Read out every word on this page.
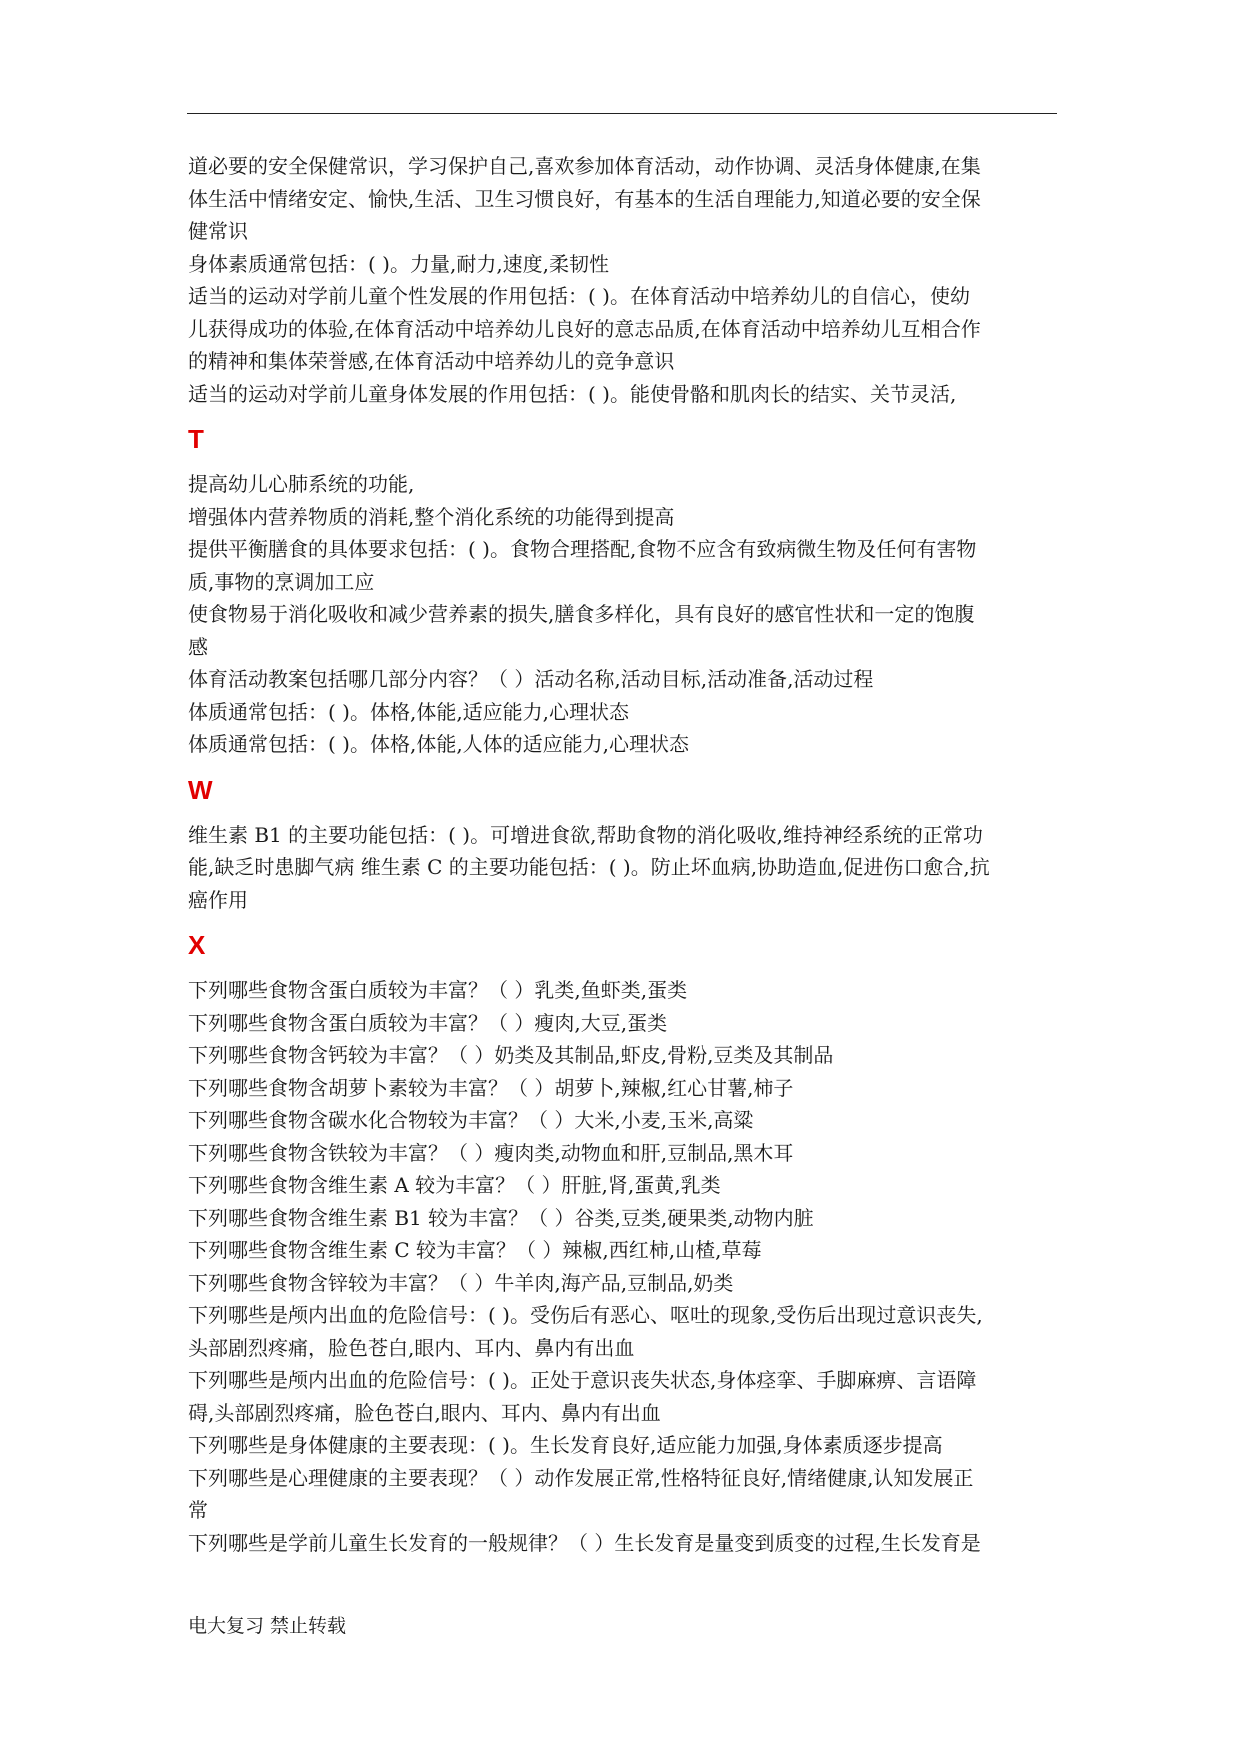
道必要的安全保健常识，学习保护自己,喜欢参加体育活动，动作协调、灵活身体健康,在集
体生活中情绪安定、愉快,生活、卫生习惯良好，有基本的生活自理能力,知道必要的安全保
健常识
身体素质通常包括：( )。力量,耐力,速度,柔韧性
适当的运动对学前儿童个性发展的作用包括：( )。在体育活动中培养幼儿的自信心，使幼
儿获得成功的体验,在体育活动中培养幼儿良好的意志品质,在体育活动中培养幼儿互相合作
的精神和集体荣誉感,在体育活动中培养幼儿的竞争意识
适当的运动对学前儿童身体发展的作用包括：( )。能使骨骼和肌肉长的结实、关节灵活,
T
提高幼儿心肺系统的功能,
增强体内营养物质的消耗,整个消化系统的功能得到提高
提供平衡膳食的具体要求包括：( )。食物合理搭配,食物不应含有致病微生物及任何有害物
质,事物的烹调加工应
使食物易于消化吸收和减少营养素的损失,膳食多样化，具有良好的感官性状和一定的饱腹
感
体育活动教案包括哪几部分内容？（ ）活动名称,活动目标,活动准备,活动过程
体质通常包括：( )。体格,体能,适应能力,心理状态
体质通常包括：( )。体格,体能,人体的适应能力,心理状态
W
维生素 B1 的主要功能包括：( )。可增进食欲,帮助食物的消化吸收,维持神经系统的正常功
能,缺乏时患脚气病 维生素 C 的主要功能包括：( )。防止坏血病,协助造血,促进伤口愈合,抗
癌作用
X
下列哪些食物含蛋白质较为丰富？（ ）乳类,鱼虾类,蛋类
下列哪些食物含蛋白质较为丰富？（ ）瘦肉,大豆,蛋类
下列哪些食物含钙较为丰富？（ ）奶类及其制品,虾皮,骨粉,豆类及其制品
下列哪些食物含胡萝卜素较为丰富？（ ）胡萝卜,辣椒,红心甘薯,柿子
下列哪些食物含碳水化合物较为丰富？（ ）大米,小麦,玉米,高粱
下列哪些食物含铁较为丰富？（ ）瘦肉类,动物血和肝,豆制品,黑木耳
下列哪些食物含维生素 A 较为丰富？（ ）肝脏,肾,蛋黄,乳类
下列哪些食物含维生素 B1 较为丰富？（ ）谷类,豆类,硬果类,动物内脏
下列哪些食物含维生素 C 较为丰富？（ ）辣椒,西红柿,山楂,草莓
下列哪些食物含锌较为丰富？（ ）牛羊肉,海产品,豆制品,奶类
下列哪些是颅内出血的危险信号：( )。受伤后有恶心、呕吐的现象,受伤后出现过意识丧失,
头部剧烈疼痛，脸色苍白,眼内、耳内、鼻内有出血
下列哪些是颅内出血的危险信号：( )。正处于意识丧失状态,身体痉挛、手脚麻痹、言语障
碍,头部剧烈疼痛，脸色苍白,眼内、耳内、鼻内有出血
下列哪些是身体健康的主要表现：( )。生长发育良好,适应能力加强,身体素质逐步提高
下列哪些是心理健康的主要表现？（ ）动作发展正常,性格特征良好,情绪健康,认知发展正
常
下列哪些是学前儿童生长发育的一般规律？（ ）生长发育是量变到质变的过程,生长发育是
电大复习 禁止转载
